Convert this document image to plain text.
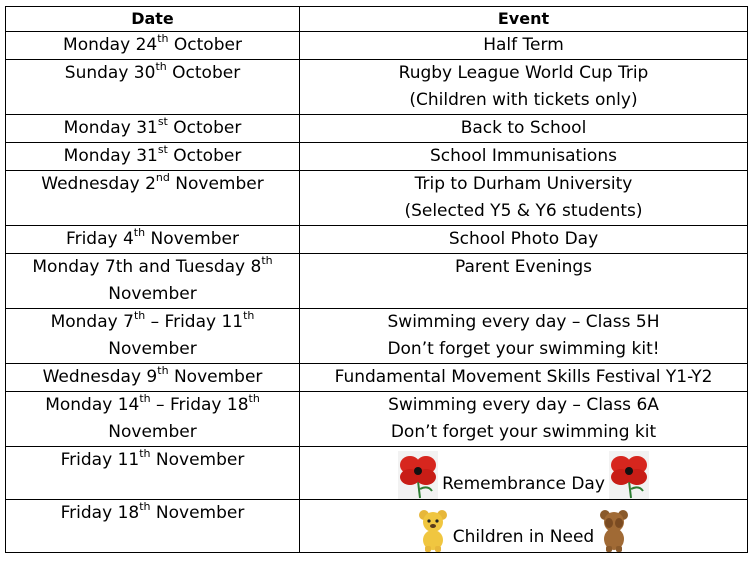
Date	Event
Monday 24th October	Half Term

Sunday 30th October	Rugby League World Cup Trip
(Children with tickets only)

Monday 31st October	Back to School

Monday 31st October	School Immunisations

Wednesday 2nd November	Trip to Durham University
(Selected Y5 & Y6 students)

Friday 4th November	School Photo Day

Monday 7th and Tuesday 8th
November	Parent Evenings

Monday 7th – Friday 11th
November	Swimming every day – Class 5H
Don’t forget your swimming kit!

Wednesday 9th November	Fundamental Movement Skills Festival Y1-Y2

Monday 14th – Friday 18th
November	Swimming every day – Class 6A
Don’t forget your swimming kit

Friday 11th November	Remembrance Day

Friday 18th November	Children in Need
